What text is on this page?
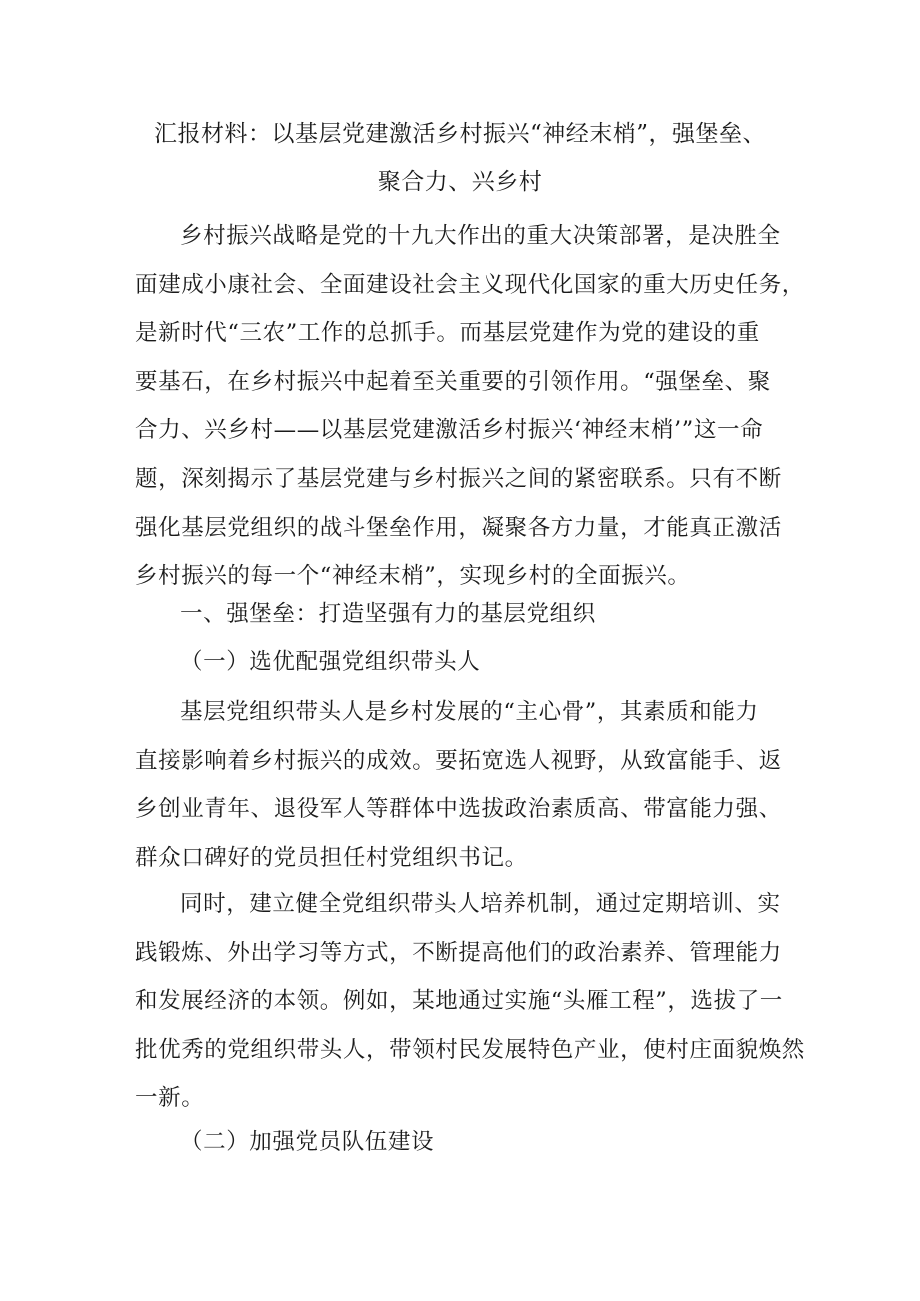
汇报材料：以基层党建激活乡村振兴“神经末梢”，强堡垒、
聚合力、兴乡村
乡村振兴战略是党的十九大作出的重大决策部署，是决胜全
面建成小康社会、全面建设社会主义现代化国家的重大历史任务，
是新时代“三农”工作的总抓手。而基层党建作为党的建设的重
要基石，在乡村振兴中起着至关重要的引领作用。“强堡垒、聚
合力、兴乡村——以基层党建激活乡村振兴‘神经末梢’”这一命
题，深刻揭示了基层党建与乡村振兴之间的紧密联系。只有不断
强化基层党组织的战斗堡垒作用，凝聚各方力量，才能真正激活
乡村振兴的每一个“神经末梢”，实现乡村的全面振兴。
一、强堡垒：打造坚强有力的基层党组织
（一）选优配强党组织带头人
基层党组织带头人是乡村发展的“主心骨”，其素质和能力
直接影响着乡村振兴的成效。要拓宽选人视野，从致富能手、返
乡创业青年、退役军人等群体中选拔政治素质高、带富能力强、
群众口碑好的党员担任村党组织书记。
同时，建立健全党组织带头人培养机制，通过定期培训、实
践锻炼、外出学习等方式，不断提高他们的政治素养、管理能力
和发展经济的本领。例如，某地通过实施“头雁工程”，选拔了一
批优秀的党组织带头人，带领村民发展特色产业，使村庄面貌焕然
一新。
（二）加强党员队伍建设
